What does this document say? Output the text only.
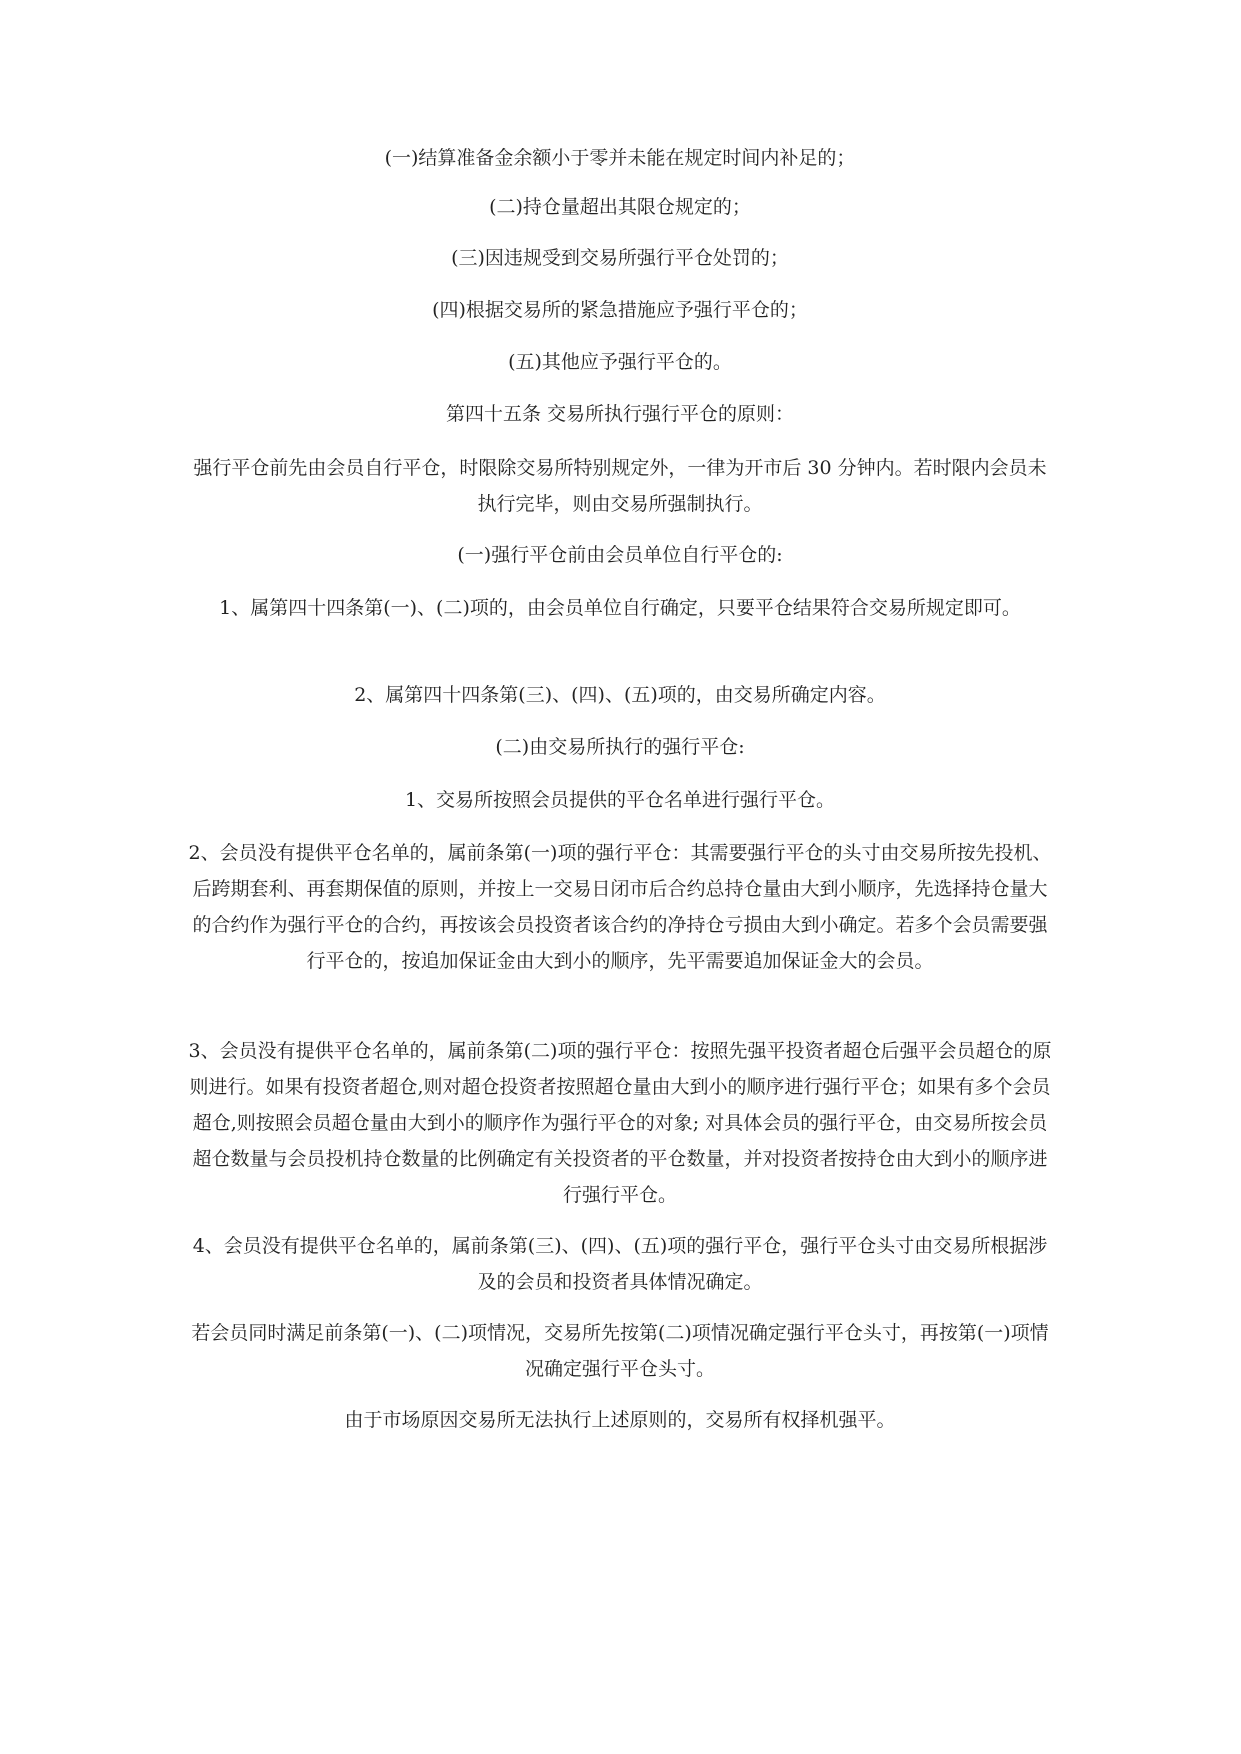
(一)结算准备金余额小于零并未能在规定时间内补足的；

(二)持仓量超出其限仓规定的；

(三)因违规受到交易所强行平仓处罚的；

(四)根据交易所的紧急措施应予强行平仓的；

(五)其他应予强行平仓的。

第四十五条 交易所执行强行平仓的原则：

强行平仓前先由会员自行平仓，时限除交易所特别规定外，一律为开市后 30 分钟内。若时限内会员未执行完毕，则由交易所强制执行。

(一)强行平仓前由会员单位自行平仓的:

1、属第四十四条第(一)、(二)项的，由会员单位自行确定，只要平仓结果符合交易所规定即可。

2、属第四十四条第(三)、(四)、(五)项的，由交易所确定内容。

(二)由交易所执行的强行平仓:

1、交易所按照会员提供的平仓名单进行强行平仓。

2、会员没有提供平仓名单的，属前条第(一)项的强行平仓：其需要强行平仓的头寸由交易所按先投机、后跨期套利、再套期保值的原则，并按上一交易日闭市后合约总持仓量由大到小顺序，先选择持仓量大的合约作为强行平仓的合约，再按该会员投资者该合约的净持仓亏损由大到小确定。若多个会员需要强行平仓的，按追加保证金由大到小的顺序，先平需要追加保证金大的会员。

3、会员没有提供平仓名单的，属前条第(二)项的强行平仓：按照先强平投资者超仓后强平会员超仓的原则进行。如果有投资者超仓,则对超仓投资者按照超仓量由大到小的顺序进行强行平仓；如果有多个会员超仓,则按照会员超仓量由大到小的顺序作为强行平仓的对象; 对具体会员的强行平仓，由交易所按会员超仓数量与会员投机持仓数量的比例确定有关投资者的平仓数量，并对投资者按持仓由大到小的顺序进行强行平仓。

4、会员没有提供平仓名单的，属前条第(三)、(四)、(五)项的强行平仓，强行平仓头寸由交易所根据涉及的会员和投资者具体情况确定。

若会员同时满足前条第(一)、(二)项情况，交易所先按第(二)项情况确定强行平仓头寸，再按第(一)项情况确定强行平仓头寸。

由于市场原因交易所无法执行上述原则的，交易所有权择机强平。
